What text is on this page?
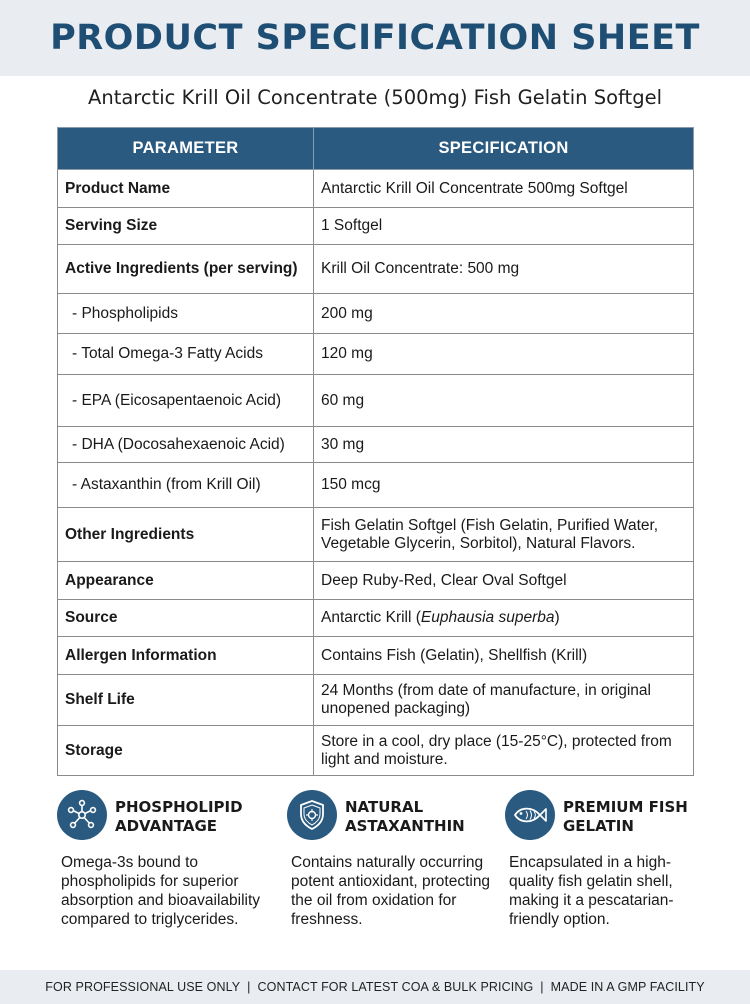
PRODUCT SPECIFICATION SHEET
Antarctic Krill Oil Concentrate (500mg) Fish Gelatin Softgel
PARAMETER	SPECIFICATION
Product Name	Antarctic Krill Oil Concentrate 500mg Softgel
Serving Size	1 Softgel
Active Ingredients (per serving)	Krill Oil Concentrate: 500 mg
- Phospholipids	200 mg
- Total Omega-3 Fatty Acids	120 mg
- EPA (Eicosapentaenoic Acid)	60 mg
- DHA (Docosahexaenoic Acid)	30 mg
- Astaxanthin (from Krill Oil)	150 mcg
Other Ingredients	Fish Gelatin Softgel (Fish Gelatin, Purified Water, Vegetable Glycerin, Sorbitol), Natural Flavors.
Appearance	Deep Ruby-Red, Clear Oval Softgel
Source	Antarctic Krill (Euphausia superba)
Allergen Information	Contains Fish (Gelatin), Shellfish (Krill)
Shelf Life	24 Months (from date of manufacture, in original unopened packaging)
Storage	Store in a cool, dry place (15-25°C), protected from light and moisture.
PHOSPHOLIPID ADVANTAGE
Omega-3s bound to phospholipids for superior absorption and bioavailability compared to triglycerides.
NATURAL ASTAXANTHIN
Contains naturally occurring potent antioxidant, protecting the oil from oxidation for freshness.
PREMIUM FISH GELATIN
Encapsulated in a high-quality fish gelatin shell, making it a pescatarian-friendly option.
FOR PROFESSIONAL USE ONLY | CONTACT FOR LATEST COA & BULK PRICING | MADE IN A GMP FACILITY
